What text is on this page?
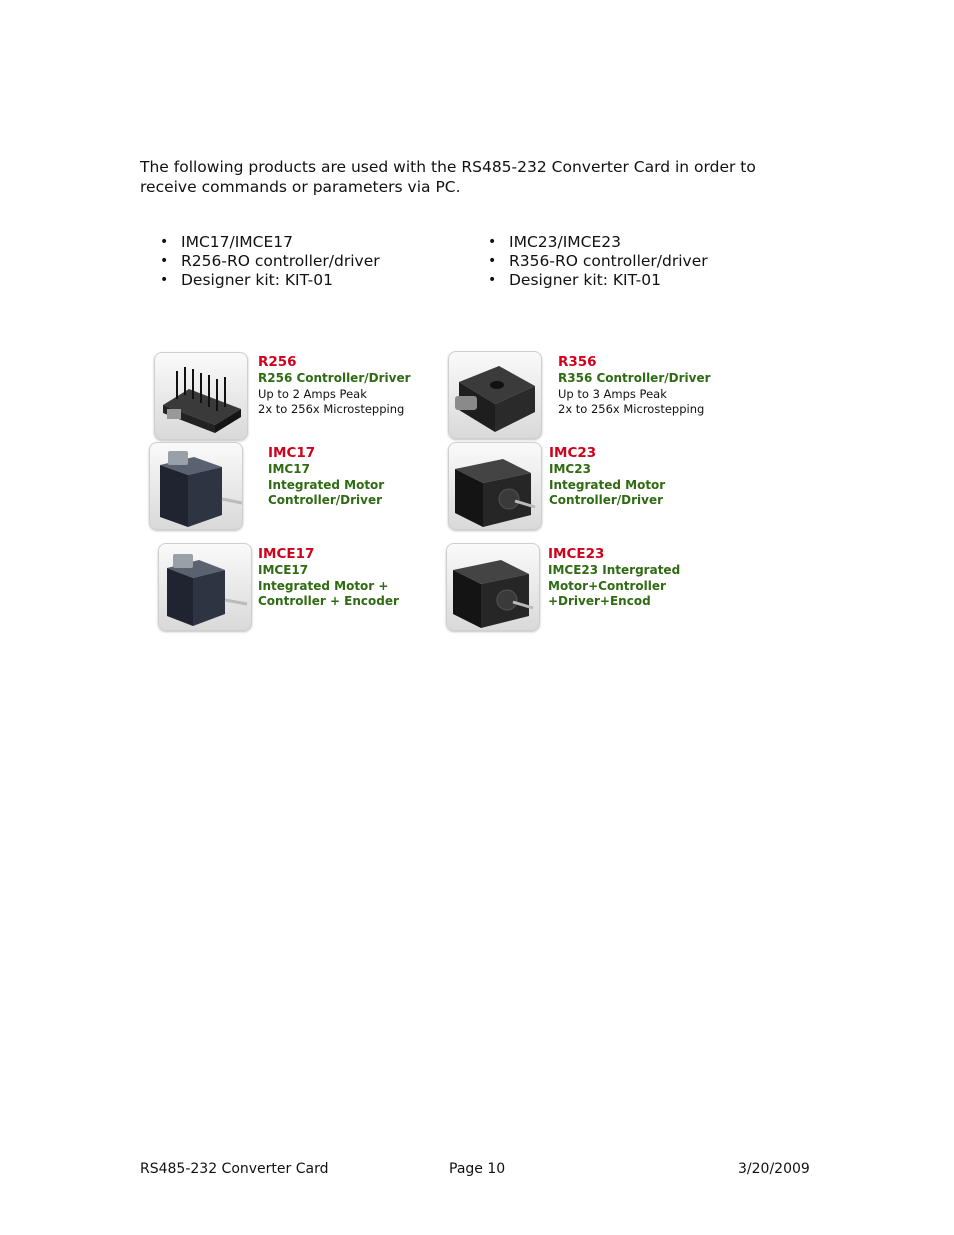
The following products are used with the RS485-232 Converter Card in order to receive commands or parameters via PC.

• IMC17/IMCE17
• R256-RO controller/driver
• Designer kit: KIT-01
• IMC23/IMCE23
• R356-RO controller/driver
• Designer kit: KIT-01
R256
R256 Controller/Driver
Up to 2 Amps Peak
2x to 256x Microstepping
R356
R356 Controller/Driver
Up to 3 Amps Peak
2x to 256x Microstepping
IMC17
IMC17
Integrated Motor
Controller/Driver
IMC23
IMC23
Integrated Motor
Controller/Driver
IMCE17
IMCE17
Integrated Motor +
Controller + Encoder
IMCE23
IMCE23 Intergrated
Motor+Controller
+Driver+Encod
RS485-232 Converter Card	Page 10	3/20/2009
